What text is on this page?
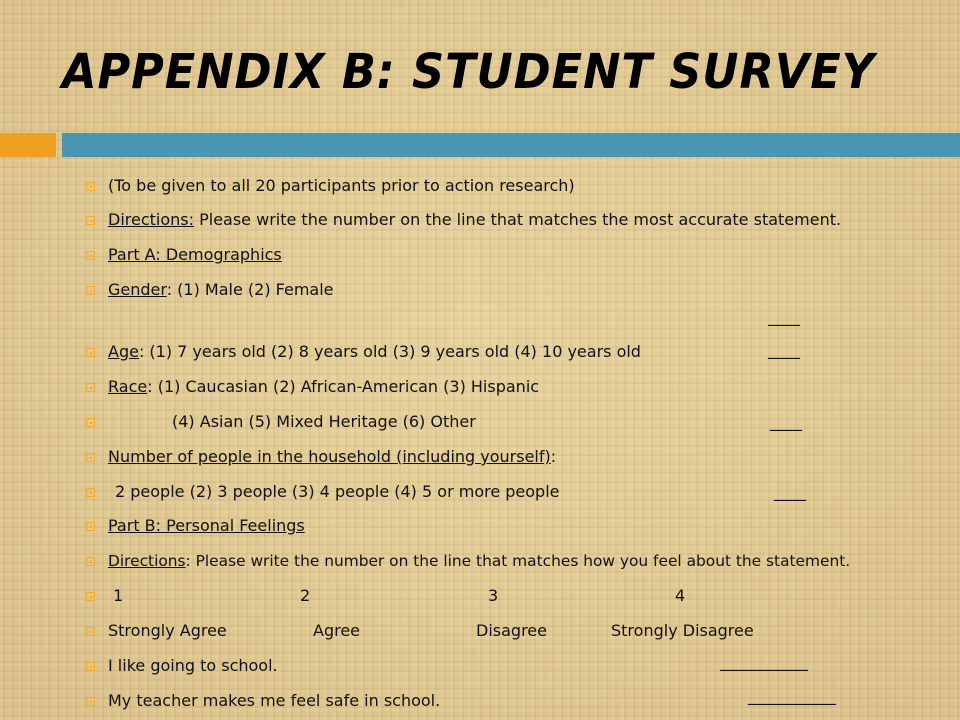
APPENDIX B: STUDENT SURVEY
(To be given to all 20 participants prior to action research)
Directions: Please write the number on the line that matches the most accurate statement.
Part A: Demographics
Gender: (1) Male (2) Female
____
Age: (1) 7 years old (2) 8 years old (3) 9 years old (4) 10 years old	____
Race: (1) Caucasian (2) African-American (3) Hispanic
(4) Asian (5) Mixed Heritage (6) Other	____
Number of people in the household (including yourself):
2 people (2) 3 people (3) 4 people (4) 5 or more people	____
Part B: Personal Feelings
Directions: Please write the number on the line that matches how you feel about the statement.
1	2	3	4
Strongly Agree	Agree	Disagree	Strongly Disagree
I like going to school.	___________
My teacher makes me feel safe in school.	___________
